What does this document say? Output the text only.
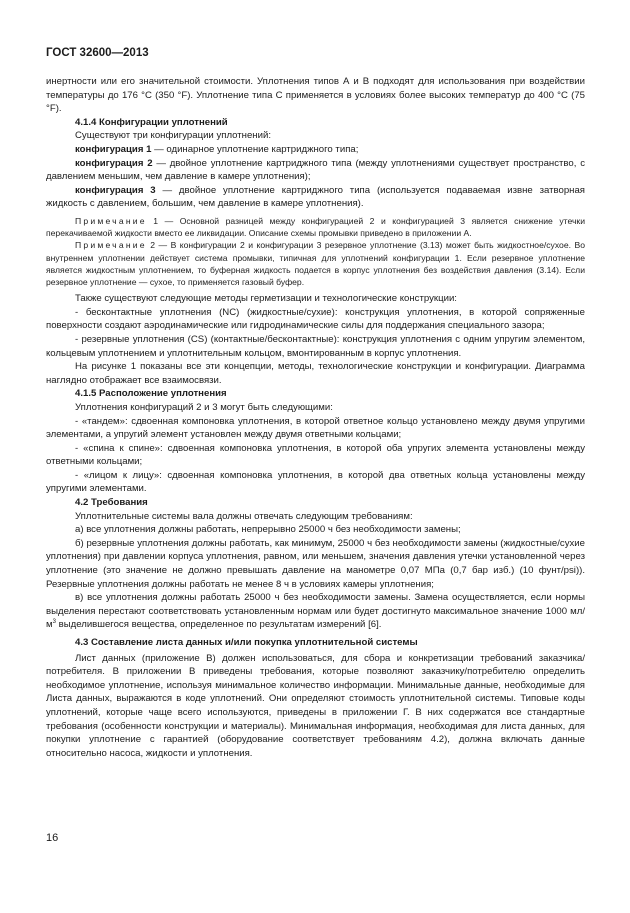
ГОСТ 32600—2013

инертности или его значительной стоимости. Уплотнения типов А и В подходят для использования при воздействии температуры до 176 °С (350 °F). Уплотнение типа С применяется в условиях более высоких температур до 400 °С (75 °F).

4.1.4 Конфигурации уплотнений

Существуют три конфигурации уплотнений:

конфигурация 1 — одинарное уплотнение картриджного типа;

конфигурация 2 — двойное уплотнение картриджного типа (между уплотнениями существует пространство, с давлением меньшим, чем давление в камере уплотнения);

конфигурация 3 — двойное уплотнение картриджного типа (используется подаваемая извне затворная жидкость с давлением, большим, чем давление в камере уплотнения).

Примечание 1 — Основной разницей между конфигурацией 2 и конфигурацией 3 является снижение утечки перекачиваемой жидкости вместо ее ликвидации. Описание схемы промывки приведено в приложении А.

Примечание 2 — В конфигурации 2 и конфигурации 3 резервное уплотнение (3.13) может быть жидкостное/сухое. Во внутреннем уплотнении действует система промывки, типичная для уплотнений конфигурации 1. Если резервное уплотнение является жидкостным уплотнением, то буферная жидкость подается в корпус уплотнения без воздействия давления (3.14). Если резервное уплотнение — сухое, то применяется газовый буфер.

Также существуют следующие методы герметизации и технологические конструкции:

- бесконтактные уплотнения (NC) (жидкостные/сухие): конструкция уплотнения, в которой сопряженные поверхности создают аэродинамические или гидродинамические силы для поддержания специального зазора;

- резервные уплотнения (CS) (контактные/бесконтактные): конструкция уплотнения с одним упругим элементом, кольцевым уплотнением и уплотнительным кольцом, вмонтированным в корпус уплотнения.

На рисунке 1 показаны все эти концепции, методы, технологические конструкции и конфигурации. Диаграмма наглядно отображает все взаимосвязи.

4.1.5 Расположение уплотнения

Уплотнения конфигураций 2 и 3 могут быть следующими:

- «тандем»: сдвоенная компоновка уплотнения, в которой ответное кольцо установлено между двумя упругими элементами, а упругий элемент установлен между двумя ответными кольцами;

- «спина к спине»: сдвоенная компоновка уплотнения, в которой оба упругих элемента установлены между ответными кольцами;

- «лицом к лицу»: сдвоенная компоновка уплотнения, в которой два ответных кольца установлены между упругими элементами.

4.2 Требования

Уплотнительные системы вала должны отвечать следующим требованиям:

а) все уплотнения должны работать, непрерывно 25000 ч без необходимости замены;

б) резервные уплотнения должны работать, как минимум, 25000 ч без необходимости замены (жидкостные/сухие уплотнения) при давлении корпуса уплотнения, равном, или меньшем, значения давления утечки установленной через уплотнение (это значение не должно превышать давление на манометре 0,07 МПа (0,7 бар изб.) (10 фунт/psi)). Резервные уплотнения должны работать не менее 8 ч в условиях камеры уплотнения;

в) все уплотнения должны работать 25000 ч без необходимости замены. Замена осуществляется, если нормы выделения перестают соответствовать установленным нормам или будет достигнуто максимальное значение 1000 $мл/м^3$ выделившегося вещества, определенное по результатам измерений [6].

4.3 Составление листа данных и/или покупка уплотнительной системы

Лист данных (приложение В) должен использоваться, для сбора и конкретизации требований заказчика/потребителя. В приложении В приведены требования, которые позволяют заказчику/потребителю определить необходимое уплотнение, используя минимальное количество информации. Минимальные данные, необходимые для Листа данных, выражаются в коде уплотнений. Они определяют стоимость уплотнительной системы. Типовые коды уплотнений, которые чаще всего используются, приведены в приложении Г. В них содержатся все стандартные требования (особенности конструкции и материалы). Минимальная информация, необходимая для листа данных, для покупки уплотнение с гарантией (оборудование соответствует требованиям 4.2), должна включать данные относительно насоса, жидкости и уплотнения.

16
